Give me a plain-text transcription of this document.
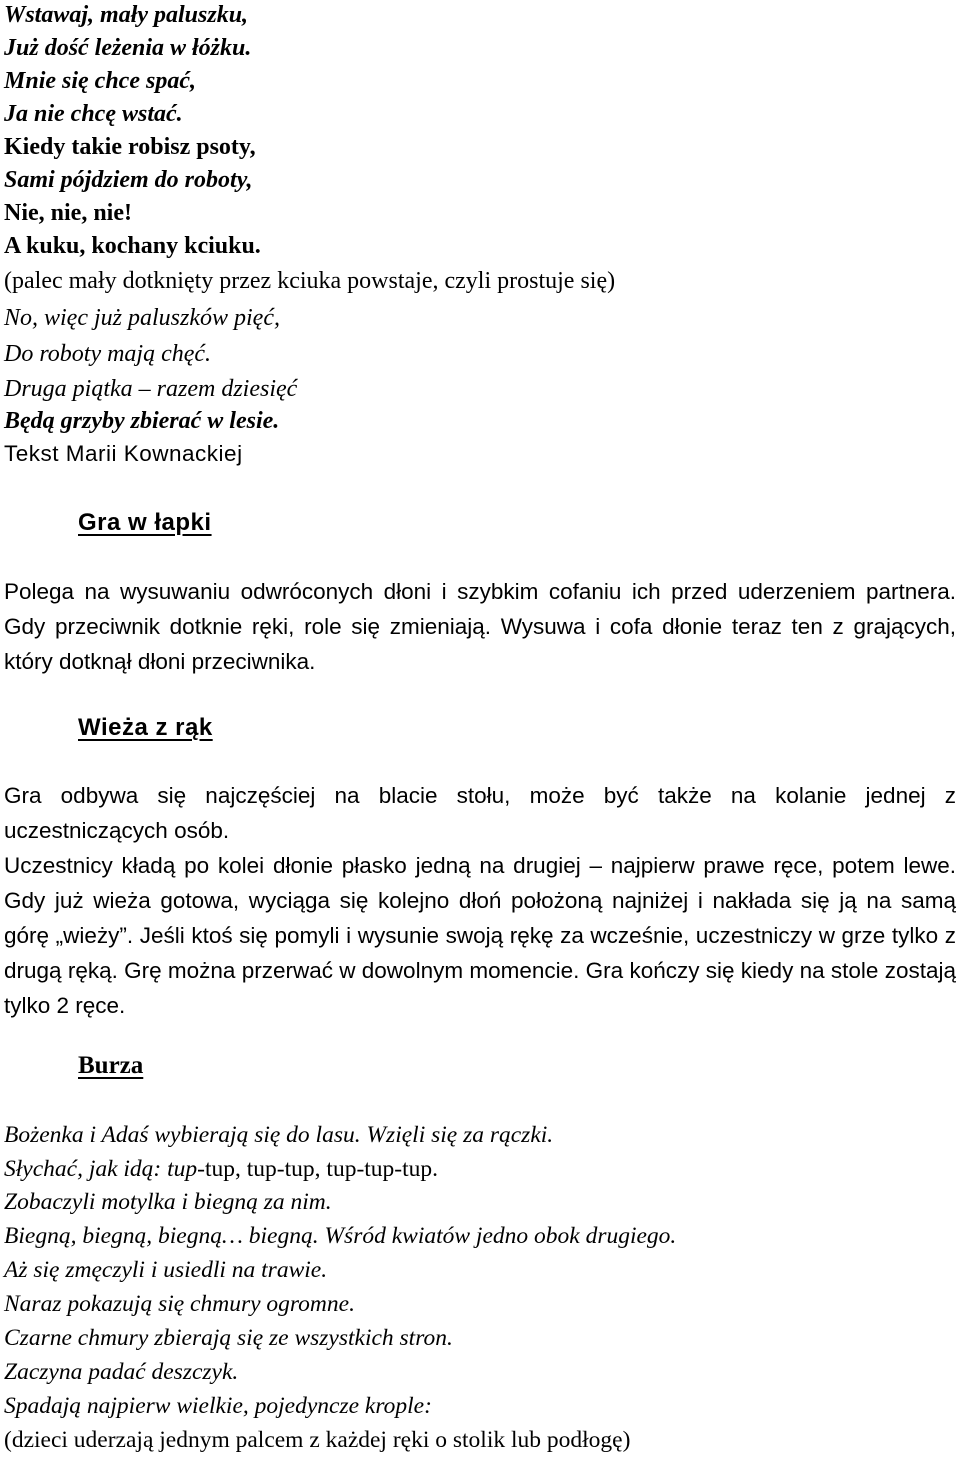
Wstawaj, mały paluszku,

Już dość leżenia w łóżku.

Mnie się chce spać,

Ja nie chcę wstać.

Kiedy takie robisz psoty,

Sami pójdziem do roboty,

Nie, nie, nie!

A kuku, kochany kciuku.

(palec mały dotknięty przez kciuka powstaje, czyli prostuje się)

No, więc już paluszków pięć,

Do roboty mają chęć.

Druga piątka – razem dziesięć

Będą grzyby zbierać w lesie.

Tekst Marii Kownackiej

Gra w łapki

Polega na wysuwaniu odwróconych dłoni i szybkim cofaniu ich przed uderzeniem partnera. Gdy przeciwnik dotknie ręki, role się zmieniają. Wysuwa i cofa dłonie teraz ten z grających, który dotknął dłoni przeciwnika.

Wieża z rąk

Gra odbywa się najczęściej na blacie stołu, może być także na kolanie jednej z uczestniczących osób.

Uczestnicy kładą po kolei dłonie płasko jedną na drugiej – najpierw prawe ręce, potem lewe. Gdy już wieża gotowa, wyciąga się kolejno dłoń położoną najniżej i nakłada się ją na samą górę „wieży”. Jeśli ktoś się pomyli i wysunie swoją rękę za wcześnie, uczestniczy w grze tylko z drugą ręką. Grę można przerwać w dowolnym momencie. Gra kończy się kiedy na stole zostają tylko 2 ręce.

Burza

Bożenka i Adaś wybierają się do lasu. Wzięli się za rączki.

Słychać, jak idą: tup-tup, tup-tup, tup-tup-tup.

Zobaczyli motylka i biegną za nim.

Biegną, biegną, biegną… biegną. Wśród kwiatów jedno obok drugiego.

Aż się zmęczyli i usiedli na trawie.

Naraz pokazują się chmury ogromne.

Czarne chmury zbierają się ze wszystkich stron.

Zaczyna padać deszczyk.

Spadają najpierw wielkie, pojedyncze krople:

(dzieci uderzają jednym palcem z każdej ręki o stolik lub podłogę)
